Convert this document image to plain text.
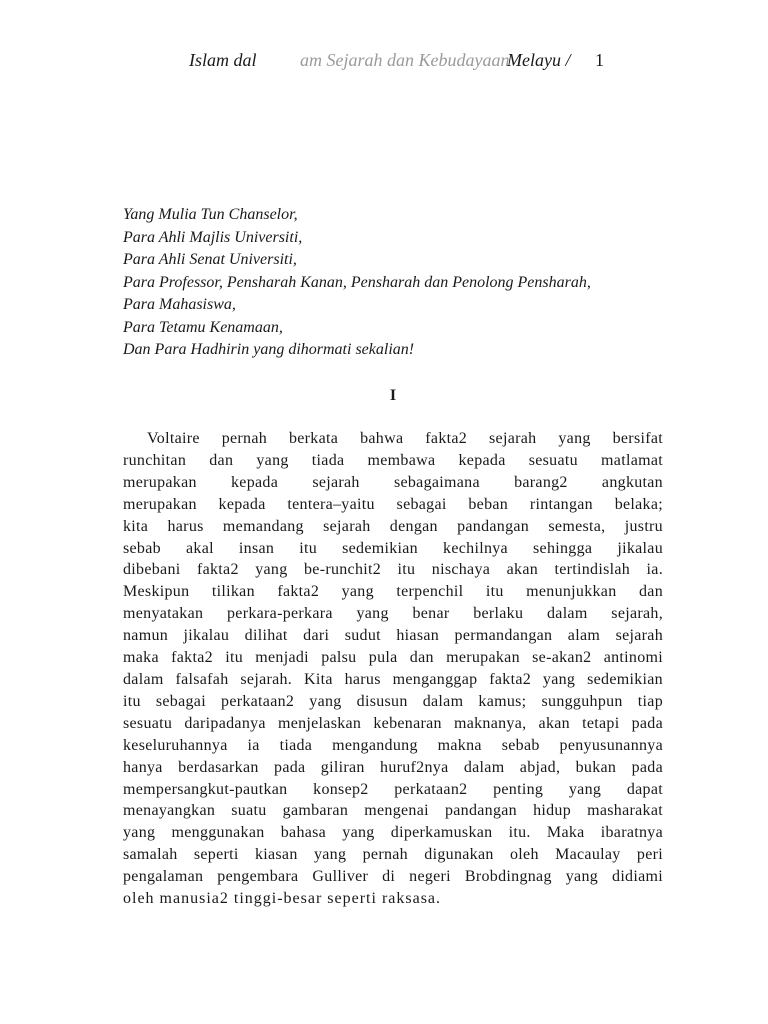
Islam dal am Sejarah dan Kebudayaan
Melayu / 1
Yang Mulia Tun Chanselor,
Para Ahli Majlis Universiti,
Para Ahli Senat Universiti,
Para Professor, Pensharah Kanan, Pensharah dan Penolong Pensharah,
Para Mahasiswa,
Para Tetamu Kenamaan,
Dan Para Hadhirin yang dihormati sekalian!
I
Voltaire pernah berkata bahwa fakta2 sejarah yang bersifat
runchitan dan yang tiada membawa kepada sesuatu matlamat
merupakan kepada sejarah sebagaimana barang2 angkutan
merupakan kepada tentera–yaitu sebagai beban rintangan belaka;
kita harus memandang sejarah dengan pandangan semesta, justru
sebab akal insan itu sedemikian kechilnya sehingga jikalau
dibebani fakta2 yang be-runchit2 itu nischaya akan tertindislah ia.
Meskipun tilikan fakta2 yang terpenchil itu menunjukkan dan
menyatakan perkara-perkara yang benar berlaku dalam sejarah,
namun jikalau dilihat dari sudut hiasan permandangan alam sejarah
maka fakta2 itu menjadi palsu pula dan merupakan se-akan2 antinomi
dalam falsafah sejarah. Kita harus menganggap fakta2 yang sedemikian
itu sebagai perkataan2 yang disusun dalam kamus; sungguhpun tiap
sesuatu daripadanya menjelaskan kebenaran maknanya, akan tetapi pada
keseluruhannya ia tiada mengandung makna sebab penyusunannya
hanya berdasarkan pada giliran huruf2nya dalam abjad, bukan pada
mempersangkut-pautkan konsep2 perkataan2 penting yang dapat
menayangkan suatu gambaran mengenai pandangan hidup masharakat
yang menggunakan bahasa yang diperkamuskan itu. Maka ibaratnya
samalah seperti kiasan yang pernah digunakan oleh Macaulay peri
pengalaman pengembara Gulliver di negeri Brobdingnag yang didiami
oleh manusia2 tinggi-besar seperti raksasa.
